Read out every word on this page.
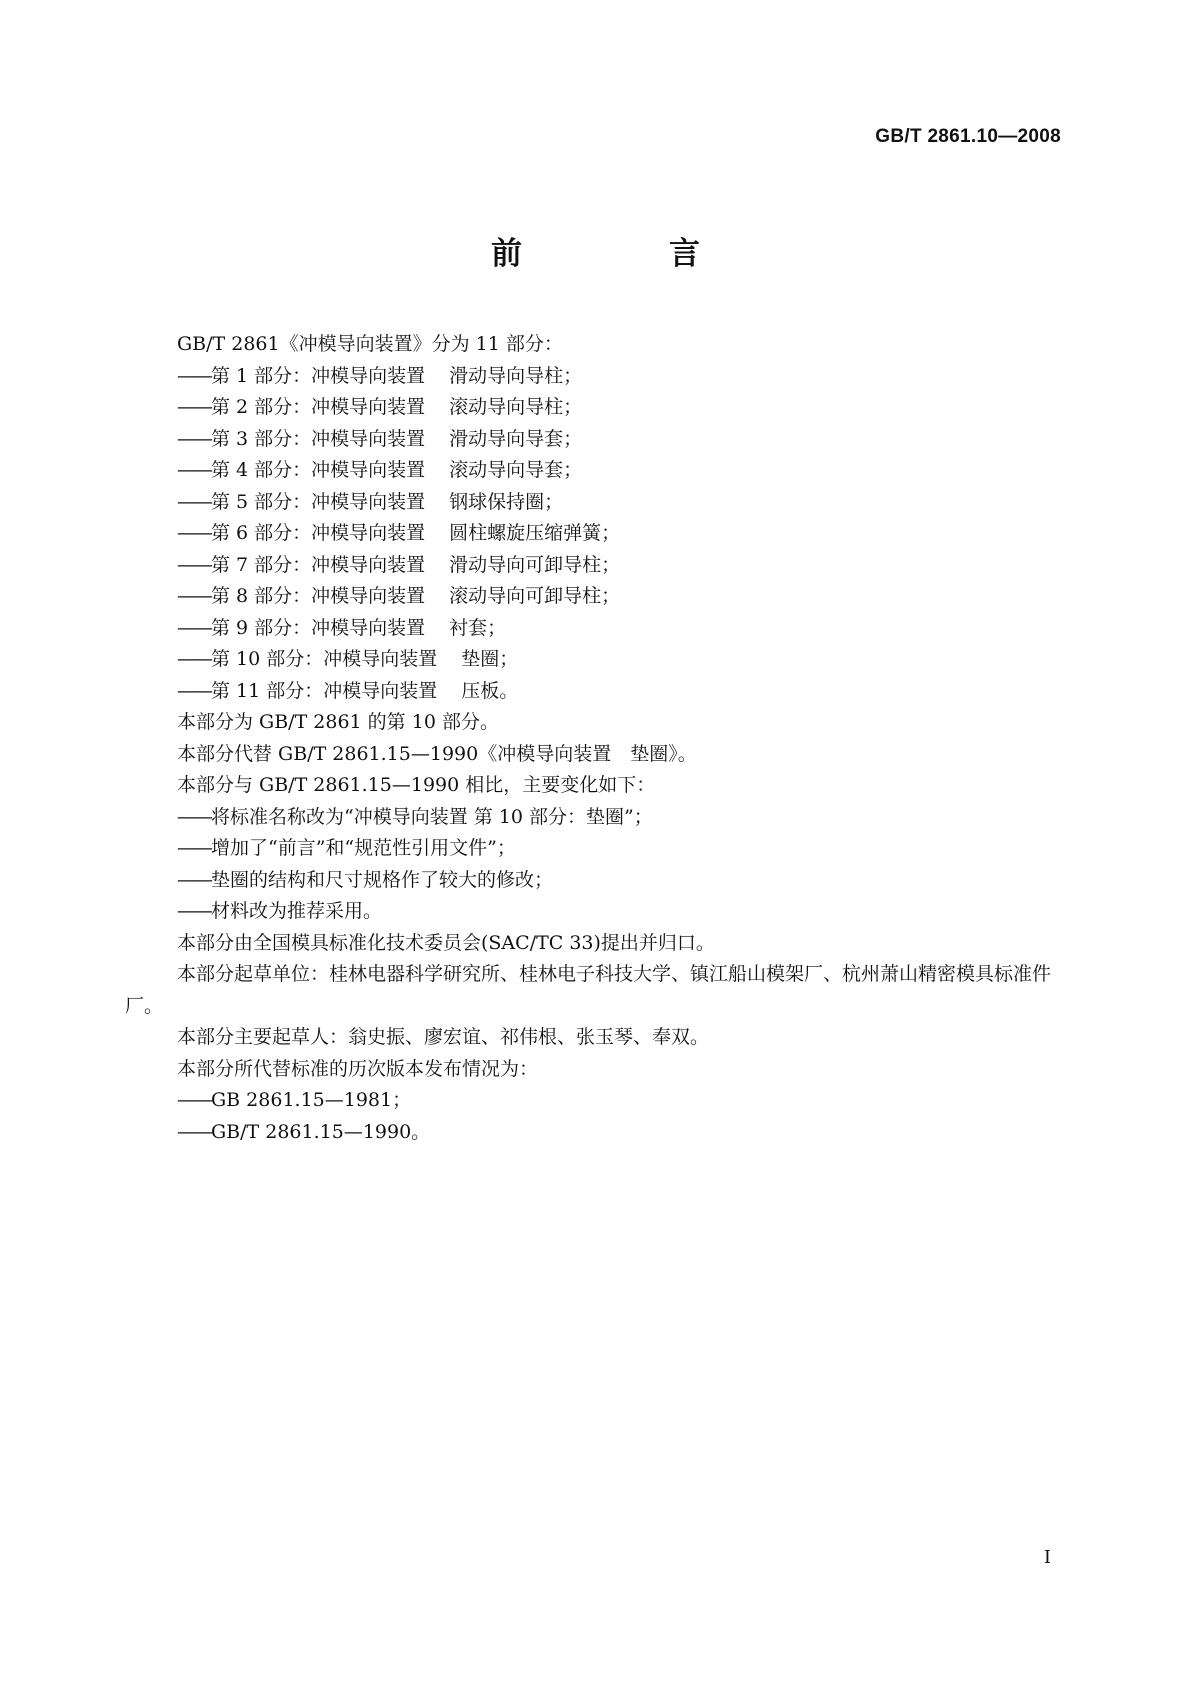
GB/T 2861.10—2008
前　言

GB/T 2861《冲模导向装置》分为 11 部分：

——第 1 部分：冲模导向装置 滑动导向导柱；

——第 2 部分：冲模导向装置 滚动导向导柱；

——第 3 部分：冲模导向装置 滑动导向导套；

——第 4 部分：冲模导向装置 滚动导向导套；

——第 5 部分：冲模导向装置 钢球保持圈；

——第 6 部分：冲模导向装置 圆柱螺旋压缩弹簧；

——第 7 部分：冲模导向装置 滑动导向可卸导柱；

——第 8 部分：冲模导向装置 滚动导向可卸导柱；

——第 9 部分：冲模导向装置 衬套；

——第 10 部分：冲模导向装置 垫圈；

——第 11 部分：冲模导向装置 压板。

本部分为 GB/T 2861 的第 10 部分。

本部分代替 GB/T 2861.15—1990《冲模导向装置　垫圈》。

本部分与 GB/T 2861.15—1990 相比，主要变化如下：

——将标准名称改为“冲模导向装置 第 10 部分：垫圈”；

——增加了“前言”和“规范性引用文件”；

——垫圈的结构和尺寸规格作了较大的修改；

——材料改为推荐采用。

本部分由全国模具标准化技术委员会(SAC/TC 33)提出并归口。

本部分起草单位：桂林电器科学研究所、桂林电子科技大学、镇江船山模架厂、杭州萧山精密模具标准件厂。

本部分主要起草人：翁史振、廖宏谊、祁伟根、张玉琴、奉双。

本部分所代替标准的历次版本发布情况为：

——GB 2861.15—1981；

——GB/T 2861.15—1990。

I
